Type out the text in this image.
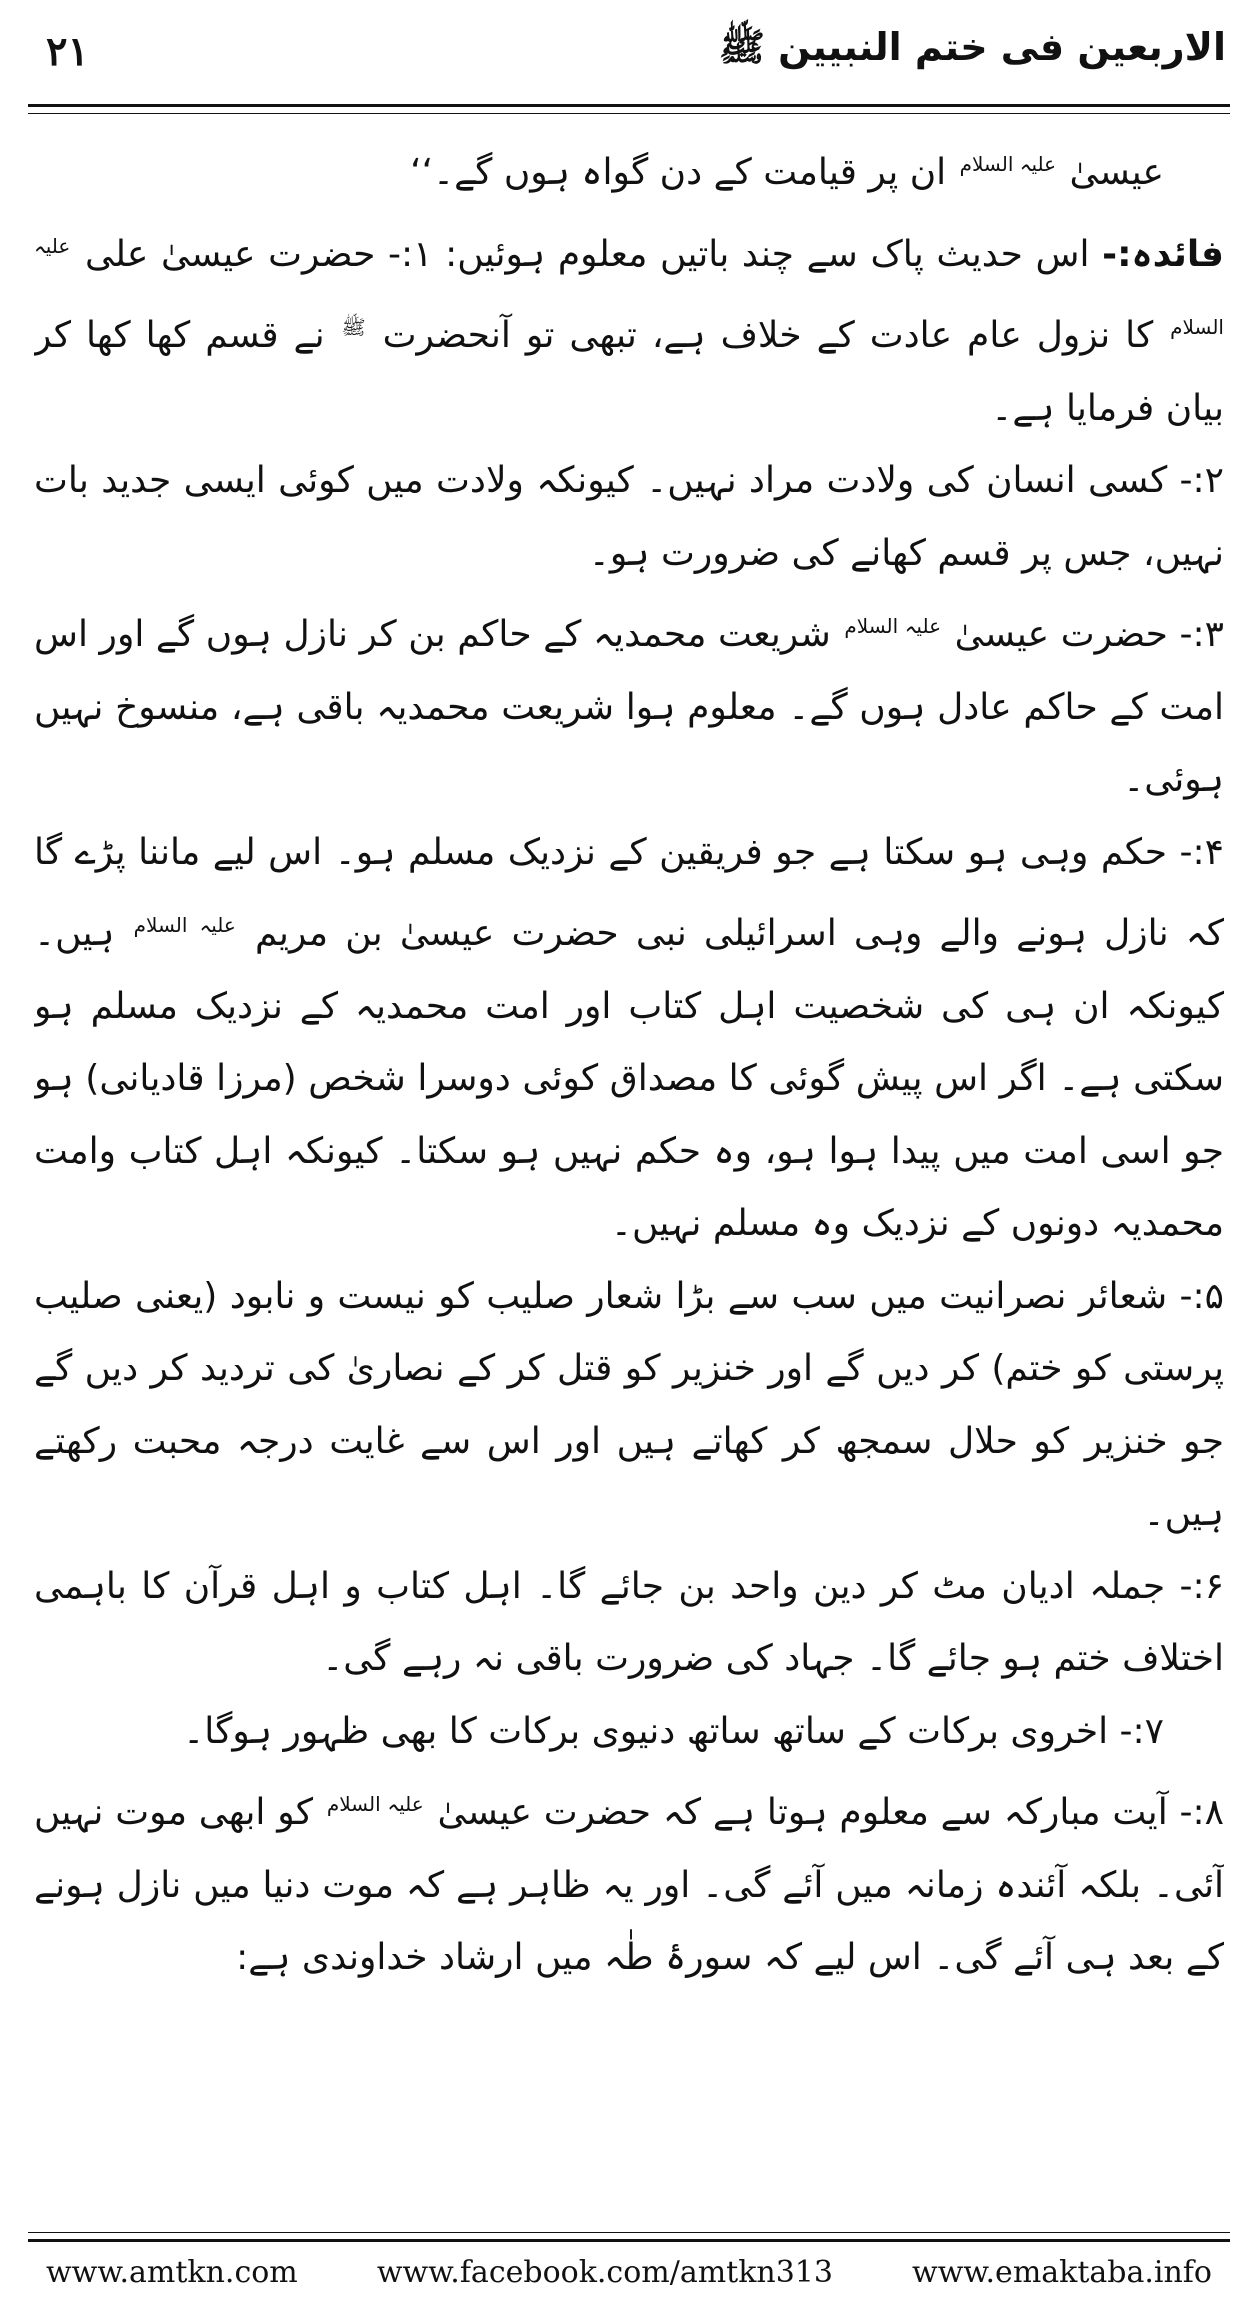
۲۱	الاربعین فی ختم النبیین ﷺ

عیسیٰ $^{علیہ السلام}$ ان پر قیامت کے دن گواہ ہوں گے۔‘‘

فائدہ:- اس حدیث پاک سے چند باتیں معلوم ہوئیں: ۱:- حضرت عیسیٰ علی $^{علیہ السلام}$ کا نزول عام عادت کے خلاف ہے، تبھی تو آنحضرت $^ﷺ$ نے قسم کھا کھا کر بیان فرمایا ہے۔

۲:- کسی انسان کی ولادت مراد نہیں۔ کیونکہ ولادت میں کوئی ایسی جدید بات نہیں، جس پر قسم کھانے کی ضرورت ہو۔

۳:- حضرت عیسیٰ $^{علیہ السلام}$ شریعت محمدیہ کے حاکم بن کر نازل ہوں گے اور اس امت کے حاکم عادل ہوں گے۔ معلوم ہوا شریعت محمدیہ باقی ہے، منسوخ نہیں ہوئی۔

۴:- حکم وہی ہو سکتا ہے جو فریقین کے نزدیک مسلم ہو۔ اس لیے ماننا پڑے گا کہ نازل ہونے والے وہی اسرائیلی نبی حضرت عیسیٰ بن مریم $^{علیہ السلام}$ ہیں۔ کیونکہ ان ہی کی شخصیت اہل کتاب اور امت محمدیہ کے نزدیک مسلم ہو سکتی ہے۔ اگر اس پیش گوئی کا مصداق کوئی دوسرا شخص (مرزا قادیانی) ہو جو اسی امت میں پیدا ہوا ہو، وہ حکم نہیں ہو سکتا۔ کیونکہ اہل کتاب وامت محمدیہ دونوں کے نزدیک وہ مسلم نہیں۔

۵:- شعائر نصرانیت میں سب سے بڑا شعار صلیب کو نیست و نابود (یعنی صلیب پرستی کو ختم) کر دیں گے اور خنزیر کو قتل کر کے نصاریٰ کی تردید کر دیں گے جو خنزیر کو حلال سمجھ کر کھاتے ہیں اور اس سے غایت درجہ محبت رکھتے ہیں۔

۶:- جملہ ادیان مٹ کر دین واحد بن جائے گا۔ اہل کتاب و اہل قرآن کا باہمی اختلاف ختم ہو جائے گا۔ جہاد کی ضرورت باقی نہ رہے گی۔

۷:- اخروی برکات کے ساتھ ساتھ دنیوی برکات کا بھی ظہور ہوگا۔

۸:- آیت مبارکہ سے معلوم ہوتا ہے کہ حضرت عیسیٰ $^{علیہ السلام}$ کو ابھی موت نہیں آئی۔ بلکہ آئندہ زمانہ میں آئے گی۔ اور یہ ظاہر ہے کہ موت دنیا میں نازل ہونے کے بعد ہی آئے گی۔ اس لیے کہ سورۂ طٰہ میں ارشاد خداوندی ہے:

www.amtkn.com	www.facebook.com/amtkn313	www.emaktaba.info
